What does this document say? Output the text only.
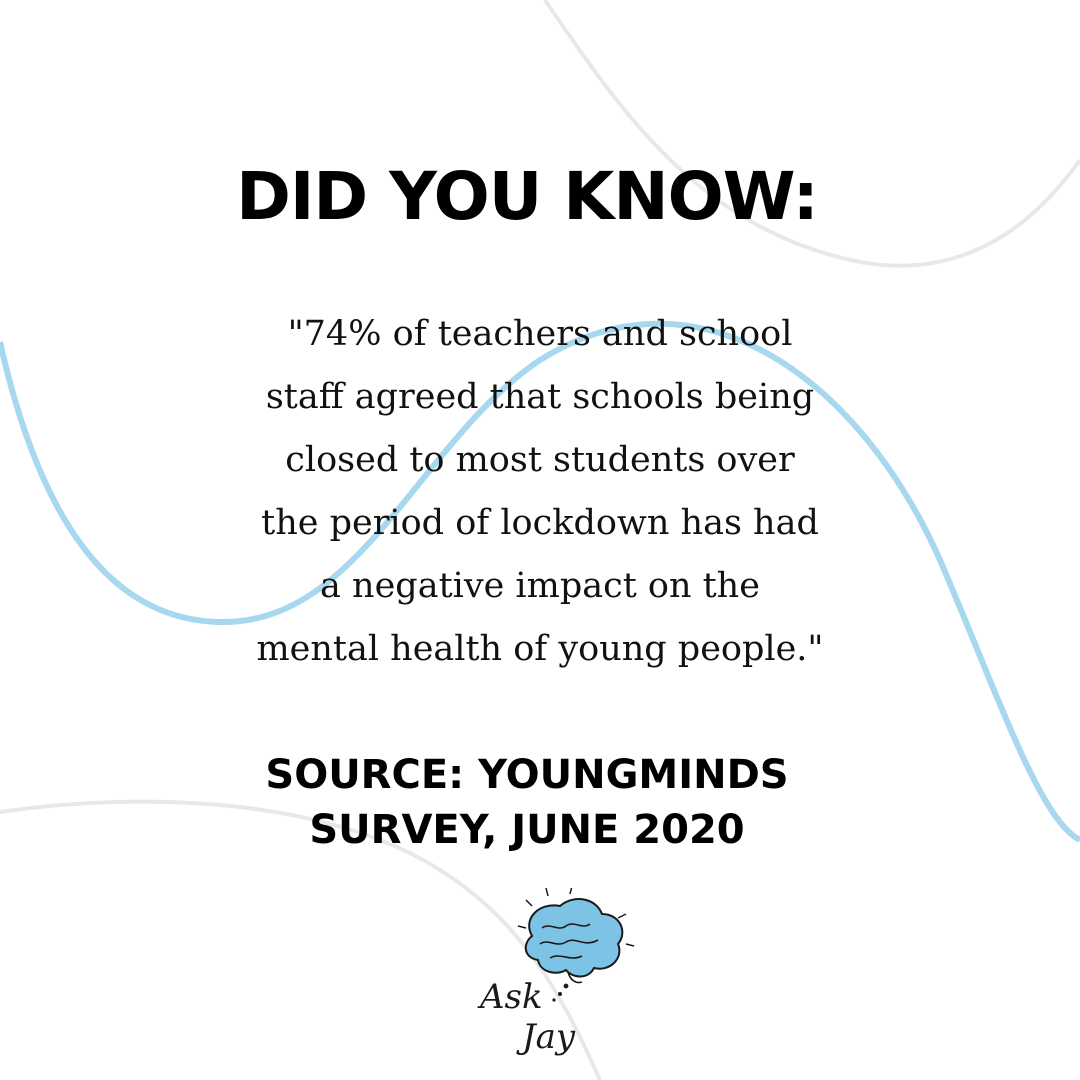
DID YOU KNOW:

"74% of teachers and school
staff agreed that schools being
closed to most students over
the period of lockdown has had
a negative impact on the
mental health of young people."

SOURCE: YOUNGMINDS
SURVEY, JUNE 2020

Ask
Jay
